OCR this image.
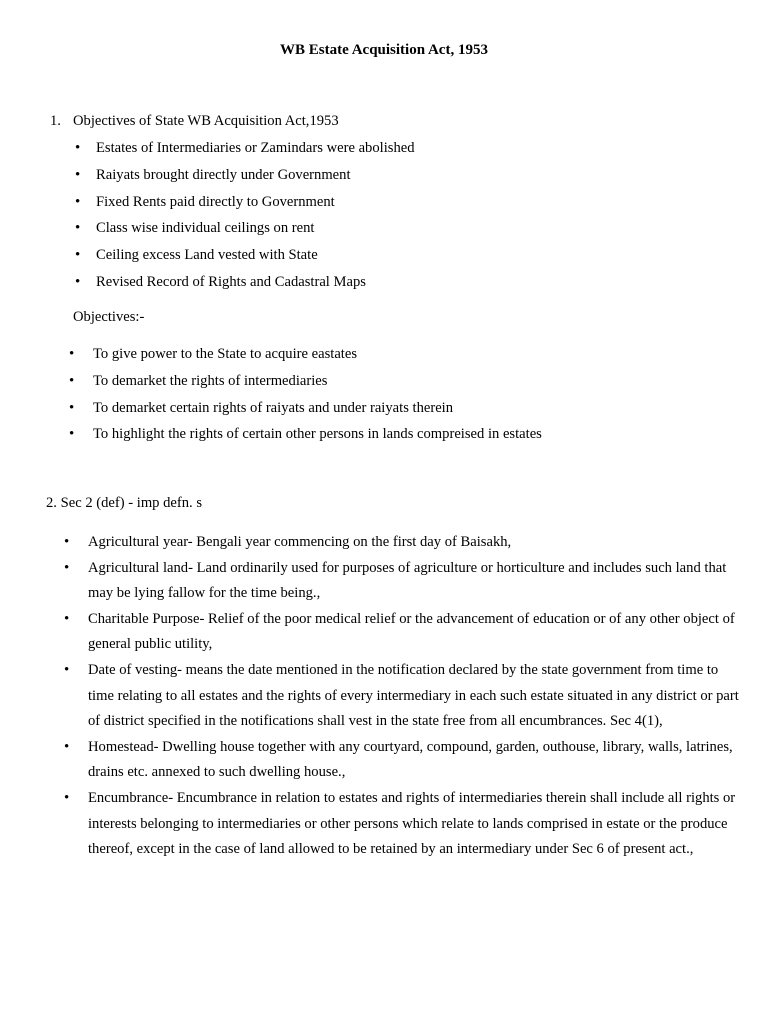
WB Estate Acquisition Act, 1953
1. Objectives of State WB Acquisition Act,1953
• Estates of Intermediaries or Zamindars were abolished
• Raiyats brought directly under Government
• Fixed Rents paid directly to Government
• Class wise individual ceilings on rent
• Ceiling excess Land vested with State
• Revised Record of Rights and Cadastral Maps
Objectives:-
• To give power to the State to acquire eastates
• To demarket the rights of intermediaries
• To demarket certain rights of raiyats and under raiyats therein
• To highlight the rights of certain other persons in lands compreised in estates
2. Sec 2 (def) - imp defn. s
• Agricultural year- Bengali year commencing on the first day of Baisakh,
• Agricultural land- Land ordinarily used for purposes of agriculture or horticulture and includes such land that may be lying fallow for the time being.,
• Charitable Purpose- Relief of the poor medical relief or the advancement of education or of any other object of general public utility,
• Date of vesting- means the date mentioned in the notification declared by the state government from time to time relating to all estates and the rights of every intermediary in each such estate situated in any district or part of district specified in the notifications shall vest in the state free from all encumbrances. Sec 4(1),
• Homestead- Dwelling house together with any courtyard, compound, garden, outhouse, library, walls, latrines, drains etc. annexed to such dwelling house.,
• Encumbrance- Encumbrance in relation to estates and rights of intermediaries therein shall include all rights or interests belonging to intermediaries or other persons which relate to lands comprised in estate or the produce thereof, except in the case of land allowed to be retained by an intermediary under Sec 6 of present act.,
